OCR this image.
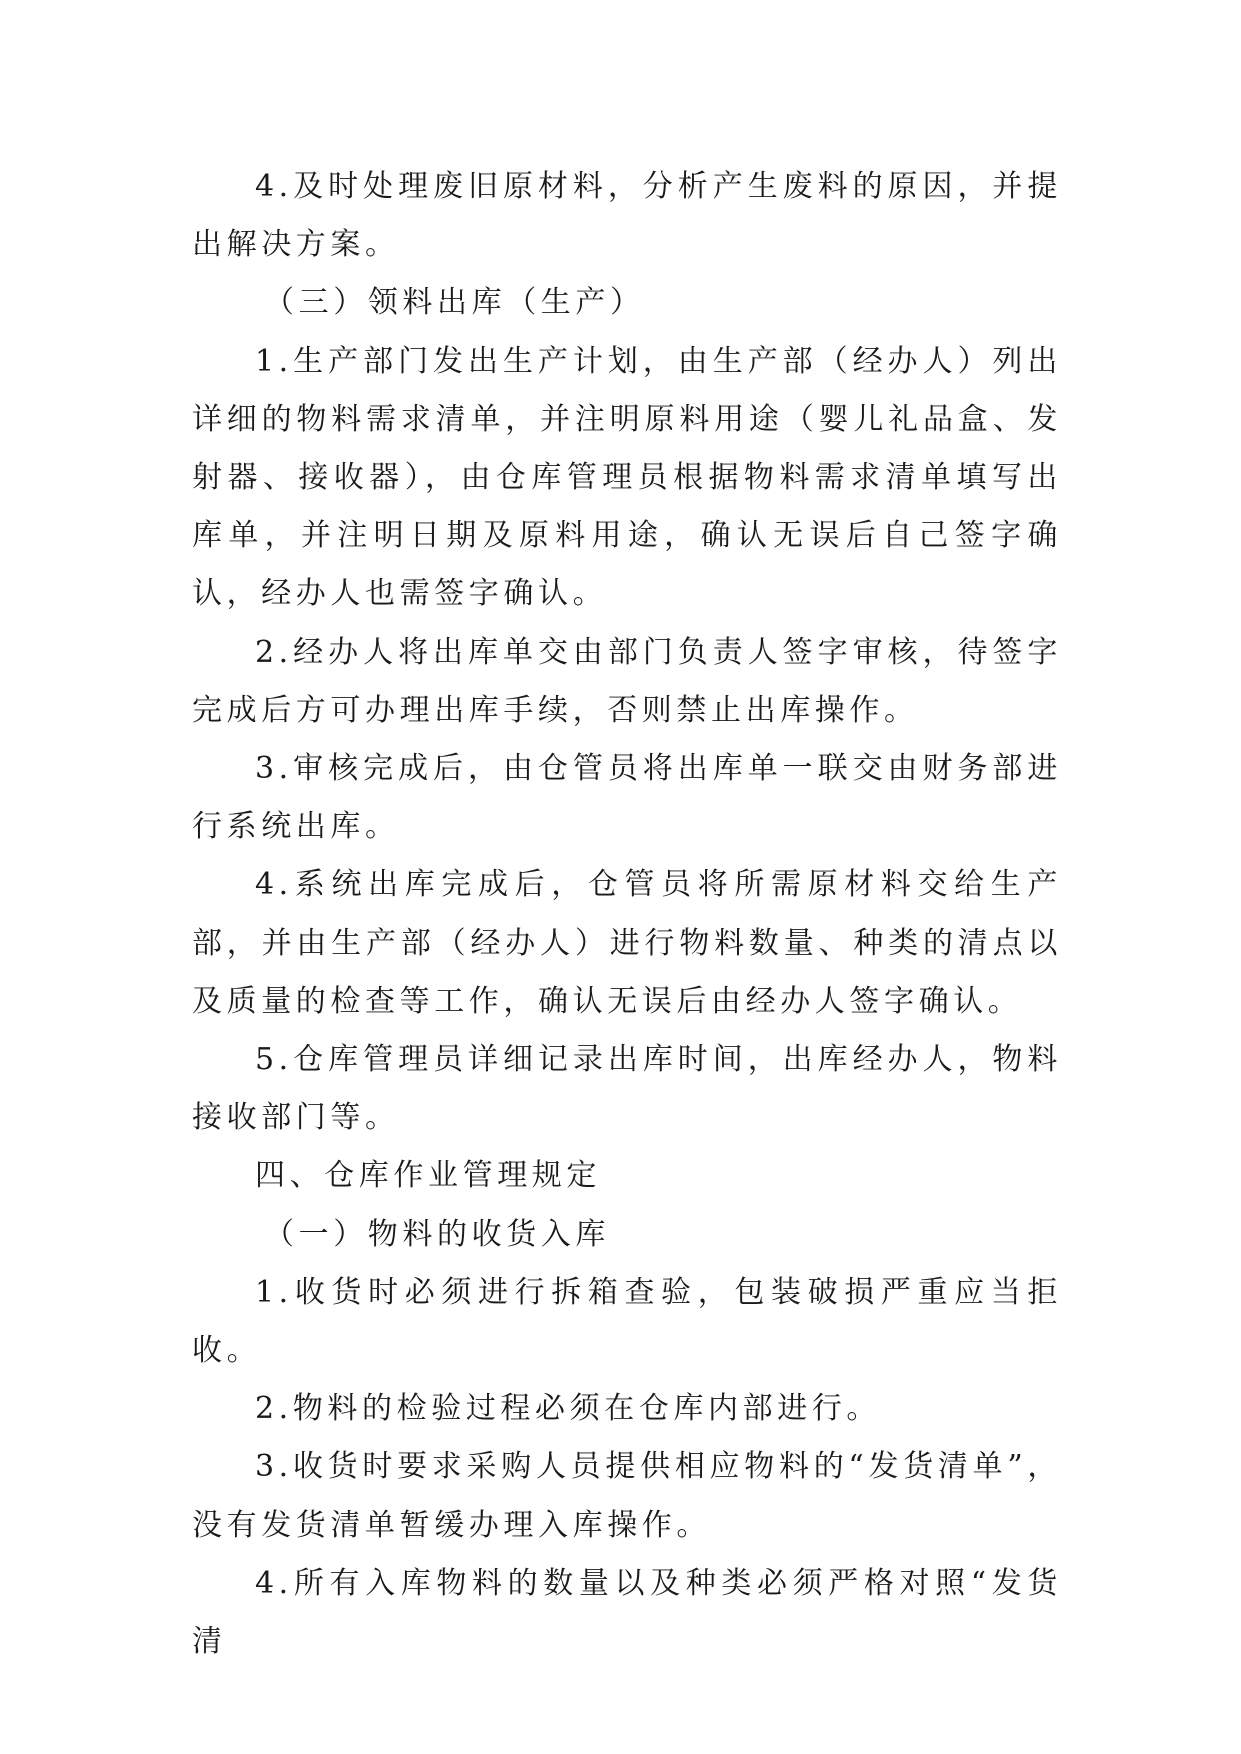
4.及时处理废旧原材料，分析产生废料的原因，并提出解决方案。

（三）领料出库（生产）

1.生产部门发出生产计划，由生产部（经办人）列出详细的物料需求清单，并注明原料用途（婴儿礼品盒、发射器、接收器），由仓库管理员根据物料需求清单填写出库单，并注明日期及原料用途，确认无误后自己签字确认，经办人也需签字确认。

2.经办人将出库单交由部门负责人签字审核，待签字完成后方可办理出库手续，否则禁止出库操作。

3.审核完成后，由仓管员将出库单一联交由财务部进行系统出库。

4.系统出库完成后，仓管员将所需原材料交给生产部，并由生产部（经办人）进行物料数量、种类的清点以及质量的检查等工作，确认无误后由经办人签字确认。

5.仓库管理员详细记录出库时间，出库经办人，物料接收部门等。

四、仓库作业管理规定

（一）物料的收货入库

1.收货时必须进行拆箱查验，包装破损严重应当拒收。

2.物料的检验过程必须在仓库内部进行。

3.收货时要求采购人员提供相应物料的“发货清单”，没有发货清单暂缓办理入库操作。

4.所有入库物料的数量以及种类必须严格对照“发货清
